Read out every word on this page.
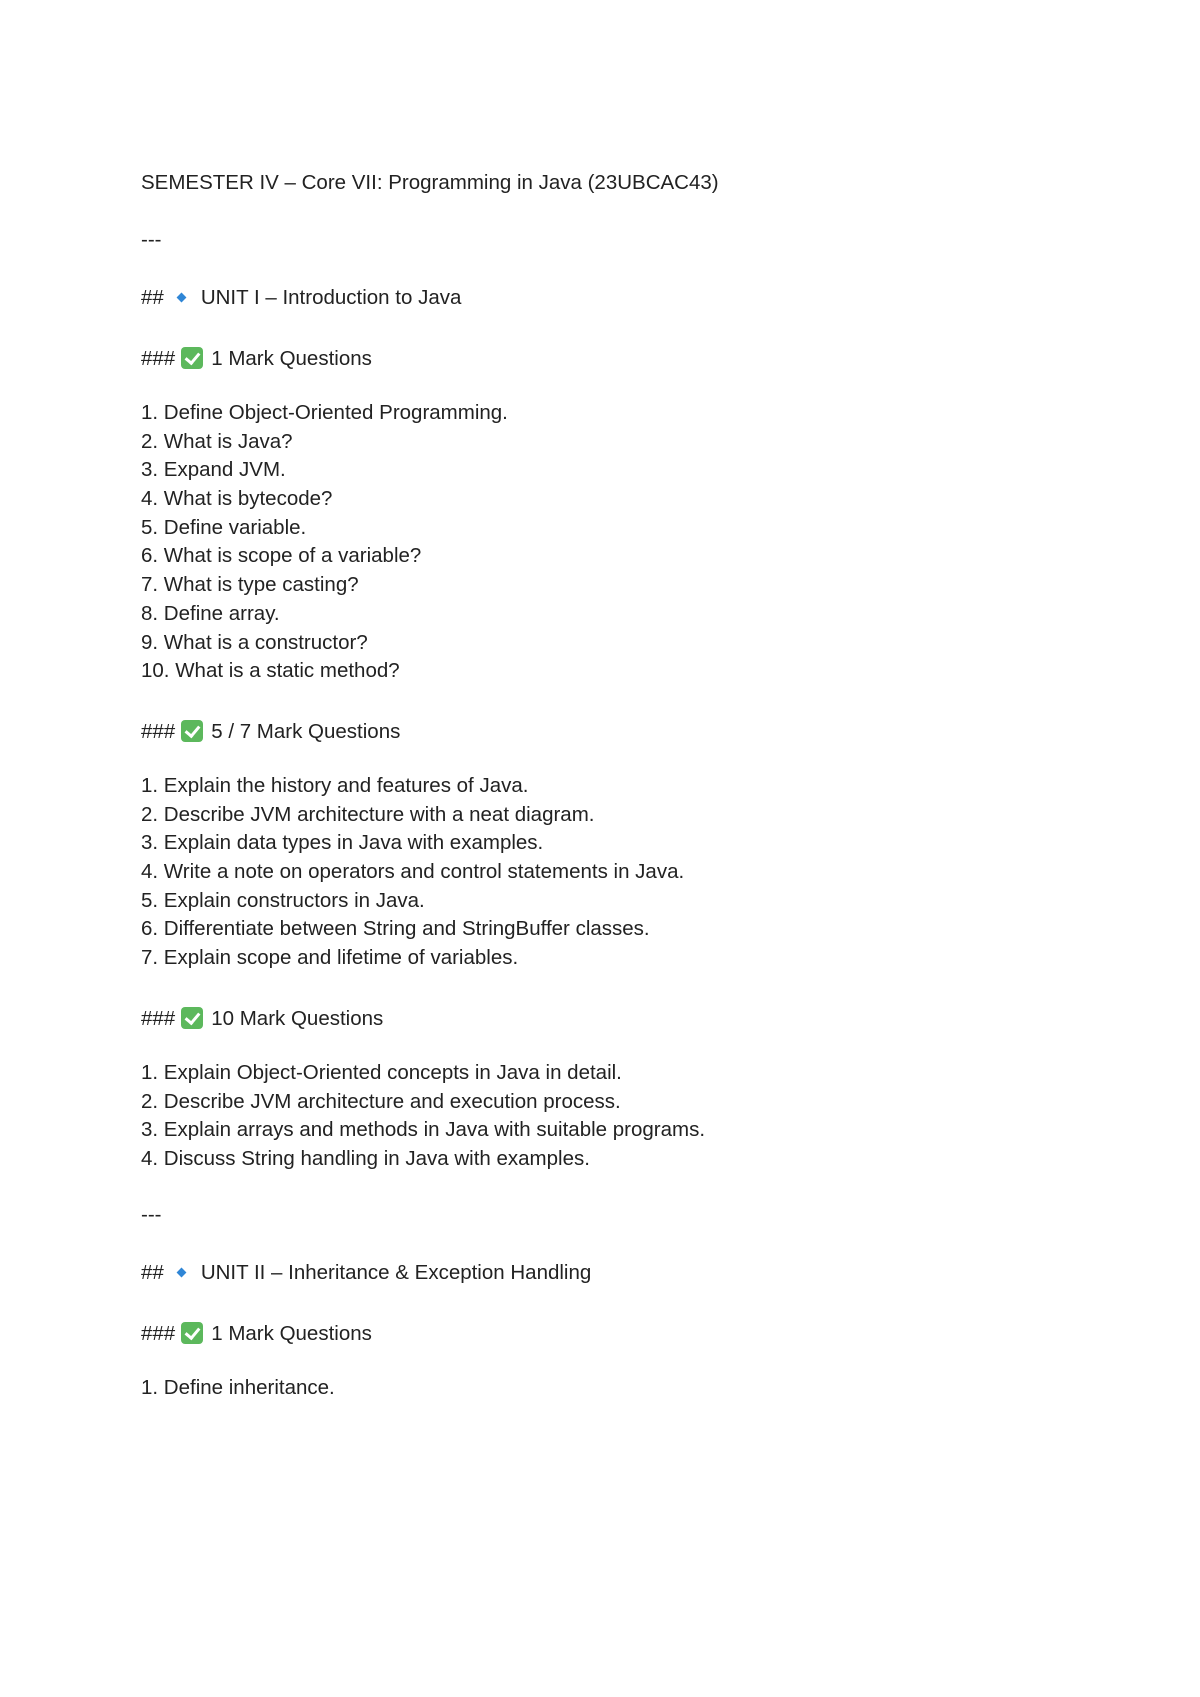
SEMESTER IV – Core VII: Programming in Java (23UBCAC43)
---
## UNIT I – Introduction to Java
### 1 Mark Questions
1. Define Object-Oriented Programming.
2. What is Java?
3. Expand JVM.
4. What is bytecode?
5. Define variable.
6. What is scope of a variable?
7. What is type casting?
8. Define array.
9. What is a constructor?
10. What is a static method?
### 5 / 7 Mark Questions
1. Explain the history and features of Java.
2. Describe JVM architecture with a neat diagram.
3. Explain data types in Java with examples.
4. Write a note on operators and control statements in Java.
5. Explain constructors in Java.
6. Differentiate between String and StringBuffer classes.
7. Explain scope and lifetime of variables.
### 10 Mark Questions
1. Explain Object-Oriented concepts in Java in detail.
2. Describe JVM architecture and execution process.
3. Explain arrays and methods in Java with suitable programs.
4. Discuss String handling in Java with examples.
---
## UNIT II – Inheritance & Exception Handling
### 1 Mark Questions
1. Define inheritance.
